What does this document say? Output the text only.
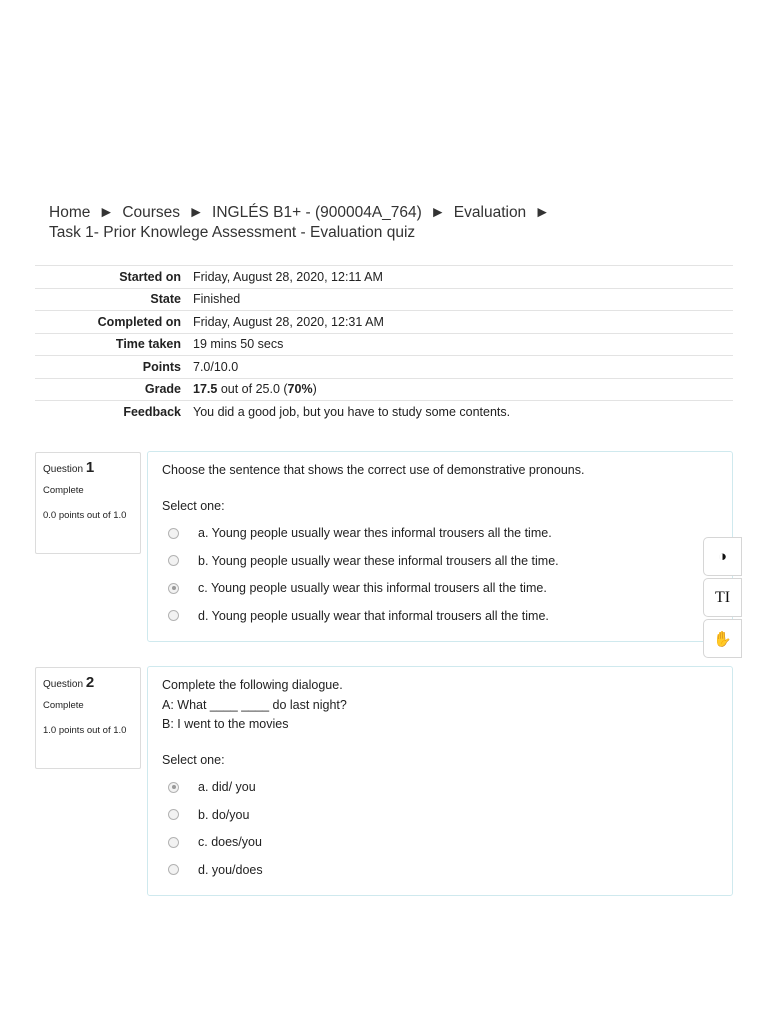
Home ► Courses ► INGLÉS B1+ - (900004A_764) ► Evaluation ►
Task 1- Prior Knowlege Assessment - Evaluation quiz
Started on	Friday, August 28, 2020, 12:11 AM
State	Finished
Completed on	Friday, August 28, 2020, 12:31 AM
Time taken	19 mins 50 secs
Points	7.0/10.0
Grade	17.5 out of 25.0 (70%)
Feedback	You did a good job, but you have to study some contents.
Question 1
Complete
0.0 points out of 1.0
Choose the sentence that shows the correct use of demonstrative pronouns.
Select one:
a. Young people usually wear thes informal trousers all the time.
b. Young people usually wear these informal trousers all the time.
c. Young people usually wear this informal trousers all the time.
d. Young people usually wear that informal trousers all the time.
Question 2
Complete
1.0 points out of 1.0
Complete the following dialogue.
A: What ____ ____ do last night?
B: I went to the movies
Select one:
a. did/ you
b. do/you
c. does/you
d. you/does
◑
TI
✋
